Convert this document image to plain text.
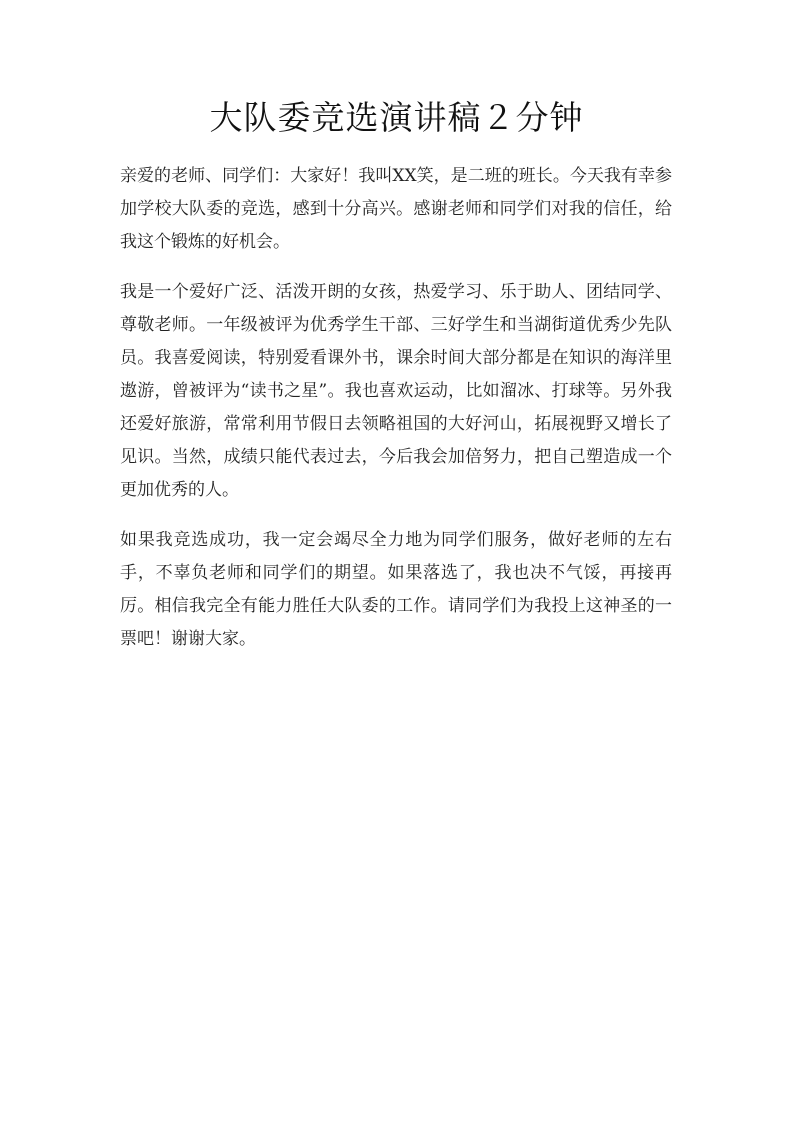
大队委竞选演讲稿２分钟

亲爱的老师、同学们：大家好！我叫XX笑，是二班的班长。今天我有幸参加学校大队委的竞选，感到十分高兴。感谢老师和同学们对我的信任，给我这个锻炼的好机会。

我是一个爱好广泛、活泼开朗的女孩，热爱学习、乐于助人、团结同学、尊敬老师。一年级被评为优秀学生干部、三好学生和当湖街道优秀少先队员。我喜爱阅读，特别爱看课外书，课余时间大部分都是在知识的海洋里遨游，曾被评为“读书之星”。我也喜欢运动，比如溜冰、打球等。另外我还爱好旅游，常常利用节假日去领略祖国的大好河山，拓展视野又增长了见识。当然，成绩只能代表过去，今后我会加倍努力，把自己塑造成一个更加优秀的人。

如果我竞选成功，我一定会竭尽全力地为同学们服务，做好老师的左右手，不辜负老师和同学们的期望。如果落选了，我也决不气馁，再接再厉。相信我完全有能力胜任大队委的工作。请同学们为我投上这神圣的一票吧！谢谢大家。
